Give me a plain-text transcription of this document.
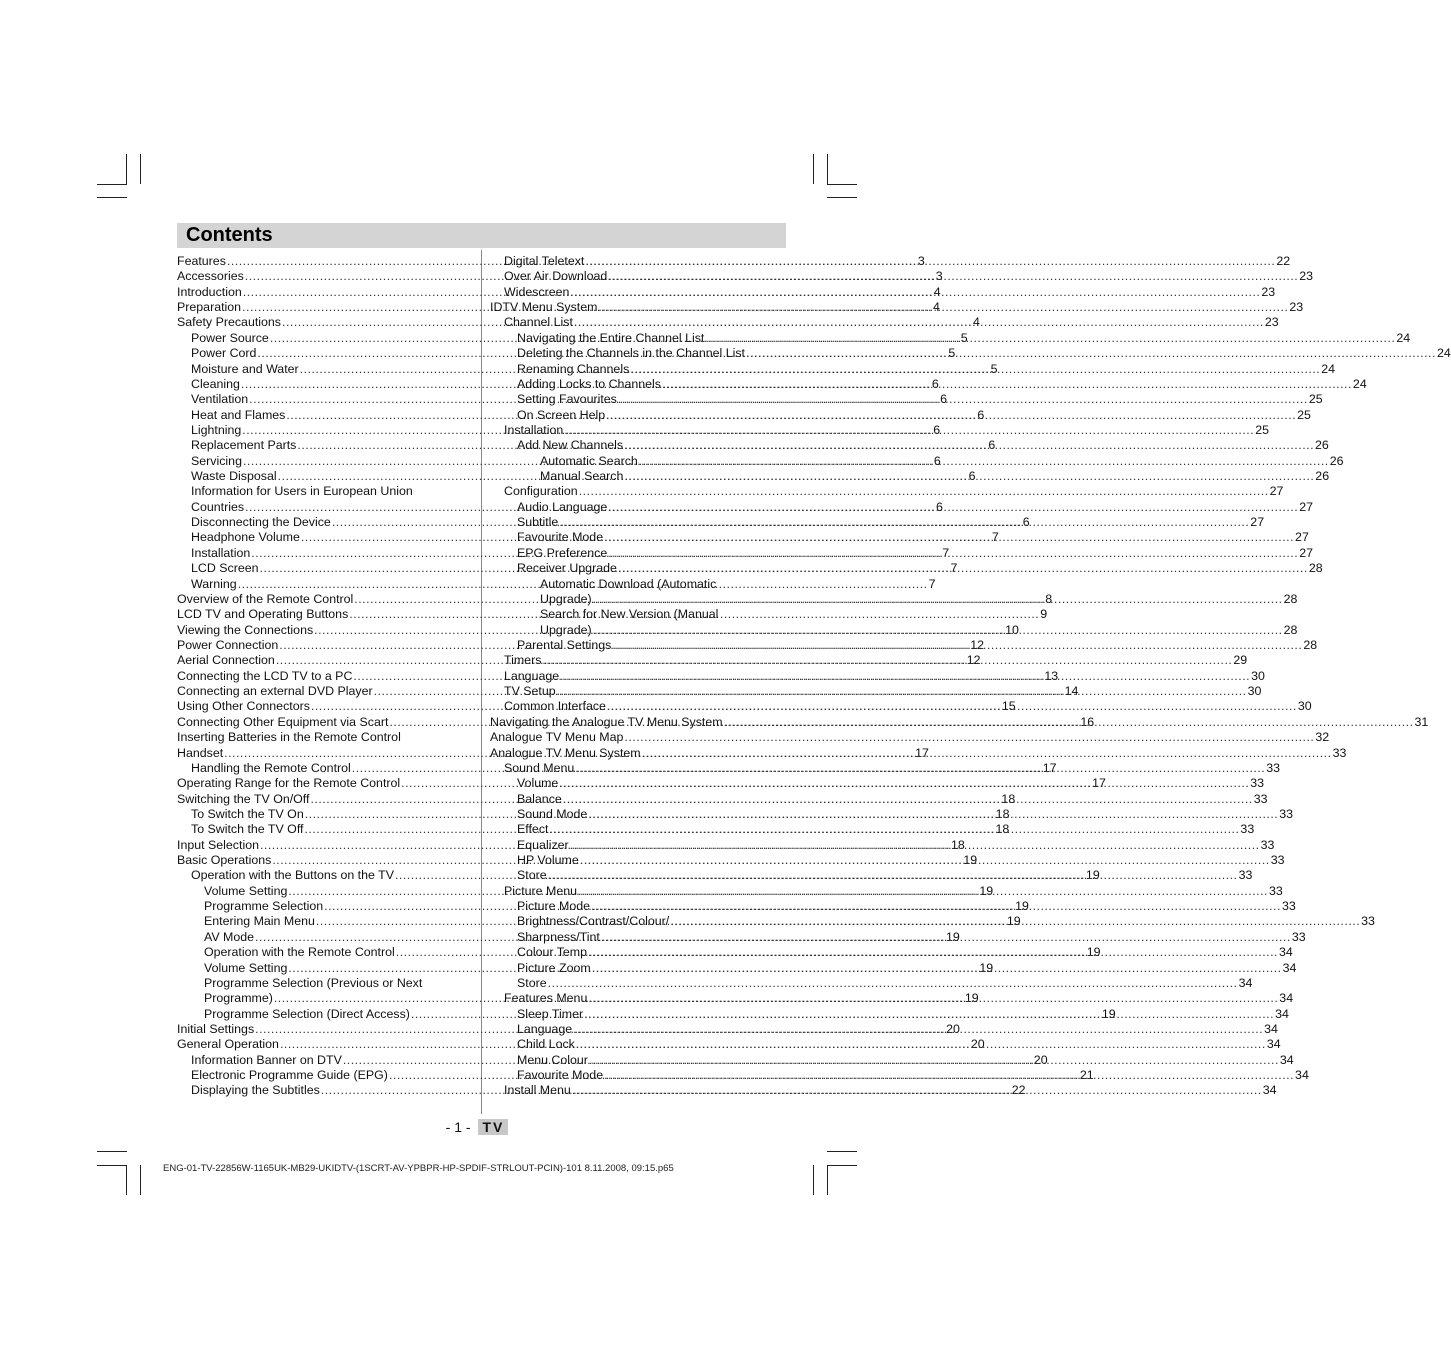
Contents
Features .....	3
Accessories .....	3
Introduction .....	4
Preparation .....	4
Safety Precautions .....	4
Power Source .....	5
Power Cord .....	5
Moisture and Water .....	5
Cleaning .....	6
Ventilation .....	6
Heat and Flames .....	6
Lightning .....	6
Replacement Parts .....	6
Servicing .....	6
Waste Disposal .....	6
Information for Users in European Union
Countries .....	6
Disconnecting the Device .....	6
Headphone Volume .....	7
Installation .....	7
LCD Screen .....	7
Warning .....	7
Overview of the Remote Control .....	8
LCD TV and Operating Buttons .....	9
Viewing the Connections .....	10
Power Connection .....	12
Aerial Connection .....	12
Connecting the LCD TV to a PC .....	13
Connecting an external DVD Player .....	14
Using Other Connectors .....	15
Connecting Other Equipment via Scart .....	16
Inserting Batteries in the Remote Control
Handset .....	17
Handling the Remote Control .....	17
Operating Range for the Remote Control .....	17
Switching the TV On/Off .....	18
To Switch the TV On .....	18
To Switch the TV Off .....	18
Input Selection .....	18
Basic Operations .....	19
Operation with the Buttons on the TV .....	19
Volume Setting .....	19
Programme Selection .....	19
Entering Main Menu .....	19
AV Mode .....	19
Operation with the Remote Control .....	19
Volume Setting .....	19
Programme Selection (Previous or Next
Programme) .....	19
Programme Selection (Direct Access) .....	19
Initial Settings .....	20
General Operation .....	20
Information Banner on DTV .....	20
Electronic Programme Guide (EPG) .....	21
Displaying the Subtitles .....	22
Digital Teletext .....	22
Over Air Download .....	23
Widescreen .....	23
IDTV Menu System .....	23
Channel List .....	23
Navigating the Entire Channel List .....	24
Deleting the Channels in the Channel List .....	24
Renaming Channels .....	24
Adding Locks to Channels .....	24
Setting Favourites .....	25
On Screen Help .....	25
Installation .....	25
Add New Channels .....	26
Automatic Search .....	26
Manual Search .....	26
Configuration .....	27
Audio Language .....	27
Subtitle .....	27
Favourite Mode .....	27
EPG Preference .....	27
Receiver Upgrade .....	28
Automatic Download (Automatic
Upgrade) .....	28
Search for New Version (Manual
Upgrade) .....	28
Parental Settings .....	28
Timers .....	29
Language .....	30
TV Setup .....	30
Common Interface .....	30
Navigating the Analogue TV Menu System .....	31
Analogue TV Menu Map .....	32
Analogue TV Menu System .....	33
Sound Menu .....	33
Volume .....	33
Balance .....	33
Sound Mode .....	33
Effect .....	33
Equalizer .....	33
HP Volume .....	33
Store .....	33
Picture Menu .....	33
Picture Mode .....	33
Brightness/Contrast/Colour/ .....	33
Sharpness/Tint .....	33
Colour Temp .....	34
Picture Zoom .....	34
Store .....	34
Features Menu .....	34
Sleep Timer .....	34
Language .....	34
Child Lock .....	34
Menu Colour .....	34
Favourite Mode .....	34
Install Menu .....	34
- 1 - TV
ENG-01-TV-22856W-1165UK-MB29-UKIDTV-(1SCRT-AV-YPBPR-HP-SPDIF-STRLOUT-PCIN)-101 8.11.2008, 09:15.p65
